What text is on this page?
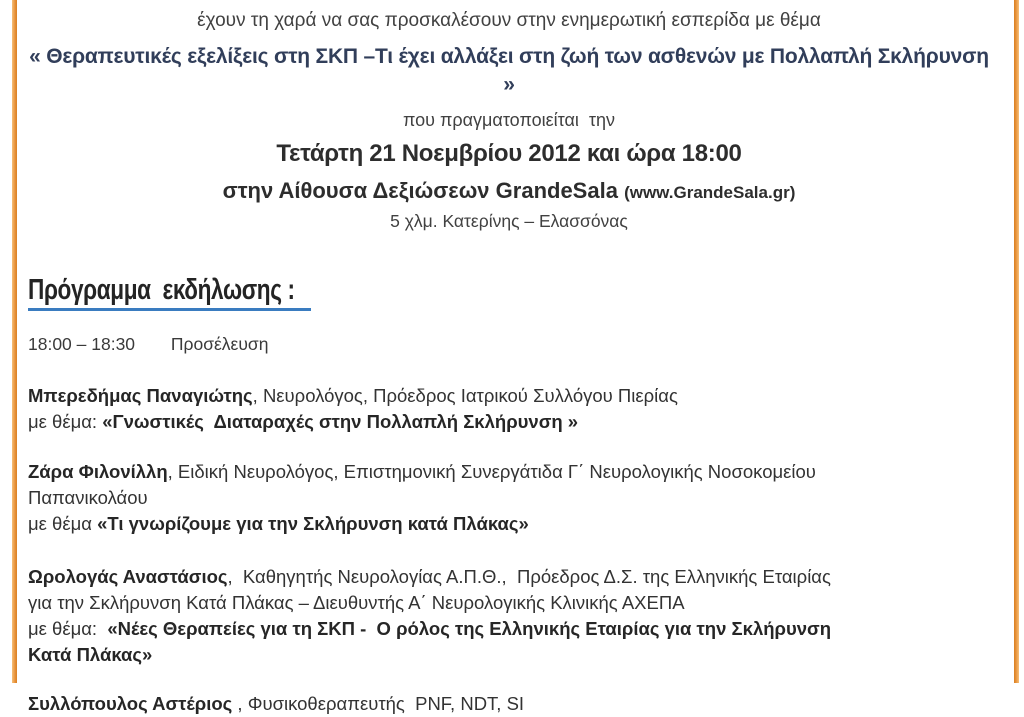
έχουν τη χαρά να σας προσκαλέσουν στην ενημερωτική εσπερίδα με θέμα
« Θεραπευτικές εξελίξεις στη ΣΚΠ –Τι έχει αλλάξει στη ζωή των ασθενών με Πολλαπλή Σκλήρυνση »
που πραγματοποιείται  την
Τετάρτη 21 Νοεμβρίου 2012 και ώρα 18:00
στην Αίθουσα Δεξιώσεων GrandeSala (www.GrandeSala.gr)
5 χλμ. Κατερίνης – Ελασσόνας
Πρόγραμμα  εκδήλωσης :
18:00 – 18:30 Προσέλευση
Μπερεδήμας Παναγιώτης, Νευρολόγος, Πρόεδρος Ιατρικού Συλλόγου Πιερίας
με θέμα: «Γνωστικές  Διαταραχές στην Πολλαπλή Σκλήρυνση »
Ζάρα Φιλονίλλη, Ειδική Νευρολόγος, Επιστημονική Συνεργάτιδα Γ΄ Νευρολογικής Νοσοκομείου
Παπανικολάου
με θέμα «Τι γνωρίζουμε για την Σκλήρυνση κατά Πλάκας»
Ωρολογάς Αναστάσιος,  Καθηγητής Νευρολογίας Α.Π.Θ.,  Πρόεδρος Δ.Σ. της Ελληνικής Εταιρίας
για την Σκλήρυνση Κατά Πλάκας – Διευθυντής Α΄ Νευρολογικής Κλινικής ΑΧΕΠΑ
με θέμα:  «Νέες Θεραπείες για τη ΣΚΠ -  Ο ρόλος της Ελληνικής Εταιρίας για την Σκλήρυνση
Κατά Πλάκας»
Συλλόπουλος Αστέριος , Φυσικοθεραπευτής  PNF, NDT, SI
